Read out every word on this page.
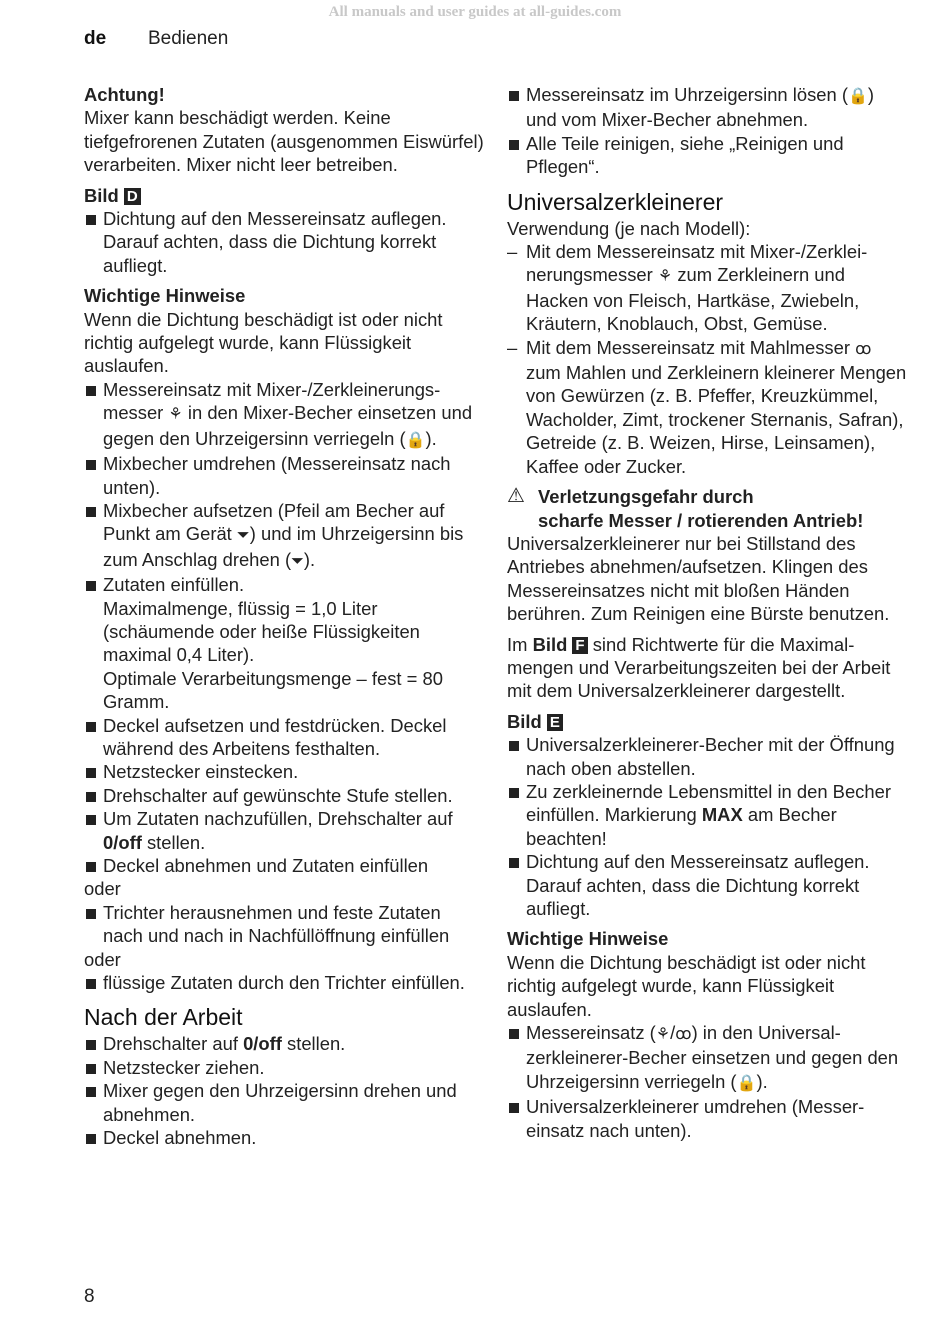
All manuals and user guides at all-guides.com
de Bedienen
Achtung!
Mixer kann beschädigt werden. Keine tiefgefrorenen Zutaten (ausgenommen Eiswürfel) verarbeiten. Mixer nicht leer betreiben.
Bild D
Dichtung auf den Messereinsatz auflegen. Darauf achten, dass die Dichtung korrekt aufliegt.
Wichtige Hinweise
Wenn die Dichtung beschädigt ist oder nicht richtig aufgelegt wurde, kann Flüssigkeit auslaufen.
Messereinsatz mit Mixer-/Zerkleinerungsmesser ⚘ in den Mixer-Becher einsetzen und gegen den Uhrzeigersinn verriegeln (🔒).
Mixbecher umdrehen (Messereinsatz nach unten).
Mixbecher aufsetzen (Pfeil am Becher auf Punkt am Gerät ⏷) und im Uhrzeigersinn bis zum Anschlag drehen (⏷).
Zutaten einfüllen.
Maximalmenge, flüssig = 1,0 Liter (schäumende oder heiße Flüssigkeiten maximal 0,4 Liter).
Optimale Verarbeitungsmenge – fest = 80 Gramm.
Deckel aufsetzen und festdrücken. Deckel während des Arbeitens festhalten.
Netzstecker einstecken.
Drehschalter auf gewünschte Stufe stellen.
Um Zutaten nachzufüllen, Drehschalter auf 0/off stellen.
Deckel abnehmen und Zutaten einfüllen
oder
Trichter herausnehmen und feste Zutaten nach und nach in Nachfüllöffnung einfüllen
oder
flüssige Zutaten durch den Trichter einfüllen.
Nach der Arbeit
Drehschalter auf 0/off stellen.
Netzstecker ziehen.
Mixer gegen den Uhrzeigersinn drehen und abnehmen.
Deckel abnehmen.
Messereinsatz im Uhrzeigersinn lösen (🔒) und vom Mixer-Becher abnehmen.
Alle Teile reinigen, siehe „Reinigen und Pflegen“.
Universalzerkleinerer
Verwendung (je nach Modell):
– Mit dem Messereinsatz mit Mixer-/Zerkleinerungsmesser ⚘ zum Zerkleinern und Hacken von Fleisch, Hartkäse, Zwiebeln, Kräutern, Knoblauch, Obst, Gemüse.
– Mit dem Messereinsatz mit Mahlmesser ꝏ zum Mahlen und Zerkleinern kleinerer Mengen von Gewürzen (z. B. Pfeffer, Kreuzkümmel, Wacholder, Zimt, trockener Sternanis, Safran), Getreide (z. B. Weizen, Hirse, Leinsamen), Kaffee oder Zucker.
⚠ Verletzungsgefahr durch
scharfe Messer / rotierenden Antrieb!
Universalzerkleinerer nur bei Stillstand des Antriebes abnehmen/aufsetzen. Klingen des Messereinsatzes nicht mit bloßen Händen berühren. Zum Reinigen eine Bürste benutzen.
Im Bild F sind Richtwerte für die Maximalmengen und Verarbeitungszeiten bei der Arbeit mit dem Universalzerkleinerer dargestellt.
Bild E
Universalzerkleinerer-Becher mit der Öffnung nach oben abstellen.
Zu zerkleinernde Lebensmittel in den Becher einfüllen. Markierung MAX am Becher beachten!
Dichtung auf den Messereinsatz auflegen. Darauf achten, dass die Dichtung korrekt aufliegt.
Wichtige Hinweise
Wenn die Dichtung beschädigt ist oder nicht richtig aufgelegt wurde, kann Flüssigkeit auslaufen.
Messereinsatz (⚘/ꝏ) in den Universalzerkleinerer-Becher einsetzen und gegen den Uhrzeigersinn verriegeln (🔒).
Universalzerkleinerer umdrehen (Messereinsatz nach unten).
8
